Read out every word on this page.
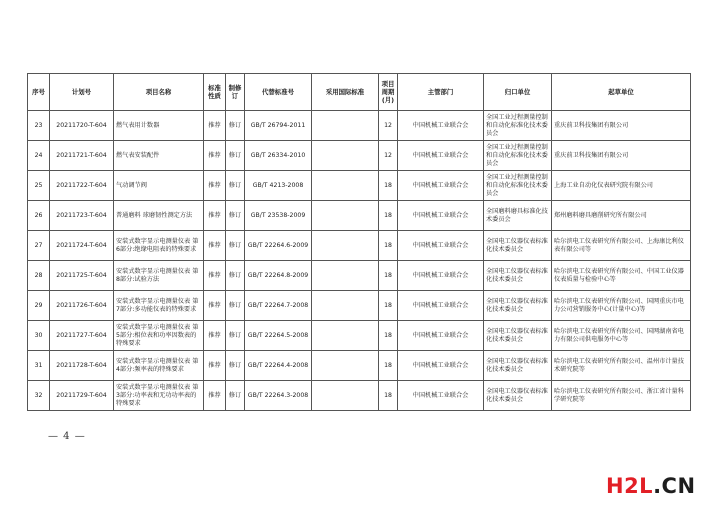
序号	计划号	项目名称	标准性质	制修订	代替标准号	采用国际标准	项目周期(月)	主管部门	归口单位	起草单位
23	20211720-T-604	燃气表用计数器	推荐	修订	GB/T 26794-2011		12	中国机械工业联合会	全国工业过程测量控制和自动化标准化技术委员会	重庆前卫科技集团有限公司
24	20211721-T-604	燃气表安装配件	推荐	修订	GB/T 26334-2010		12	中国机械工业联合会	全国工业过程测量控制和自动化标准化技术委员会	重庆前卫科技集团有限公司
25	20211722-T-604	气动调节阀	推荐	修订	GB/T 4213-2008		18	中国机械工业联合会	全国工业过程测量控制和自动化标准化技术委员会	上海工业自动化仪表研究院有限公司
26	20211723-T-604	普通磨料 球磨韧性测定方法	推荐	修订	GB/T 23538-2009		18	中国机械工业联合会	全国磨料磨具标准化技术委员会	郑州磨料磨具磨削研究所有限公司
27	20211724-T-604	安装式数字显示电测量仪表 第6部分:绝缘电阻表的特殊要求	推荐	修订	GB/T 22264.6-2009		18	中国机械工业联合会	全国电工仪器仪表标准化技术委员会	哈尔滨电工仪表研究所有限公司、上海康比利仪表有限公司等
28	20211725-T-604	安装式数字显示电测量仪表 第8部分:试验方法	推荐	修订	GB/T 22264.8-2009		18	中国机械工业联合会	全国电工仪器仪表标准化技术委员会	哈尔滨电工仪表研究所有限公司、中国工业仪器仪表质量与检验中心等
29	20211726-T-604	安装式数字显示电测量仪表 第7部分:多功能仪表的特殊要求	推荐	修订	GB/T 22264.7-2008		18	中国机械工业联合会	全国电工仪器仪表标准化技术委员会	哈尔滨电工仪表研究所有限公司、国网重庆市电力公司营销服务中心(计量中心)等
30	20211727-T-604	安装式数字显示电测量仪表 第5部分:相位表和功率因数表的特殊要求	推荐	修订	GB/T 22264.5-2008		18	中国机械工业联合会	全国电工仪器仪表标准化技术委员会	哈尔滨电工仪表研究所有限公司、国网湖南省电力有限公司供电服务中心等
31	20211728-T-604	安装式数字显示电测量仪表 第4部分:频率表的特殊要求	推荐	修订	GB/T 22264.4-2008		18	中国机械工业联合会	全国电工仪器仪表标准化技术委员会	哈尔滨电工仪表研究所有限公司、温州市计量技术研究院等
32	20211729-T-604	安装式数字显示电测量仪表 第3部分:功率表和无功功率表的特殊要求	推荐	修订	GB/T 22264.3-2008		18	中国机械工业联合会	全国电工仪器仪表标准化技术委员会	哈尔滨电工仪表研究所有限公司、浙江省计量科学研究院等
— 4 —
H2L.CN
